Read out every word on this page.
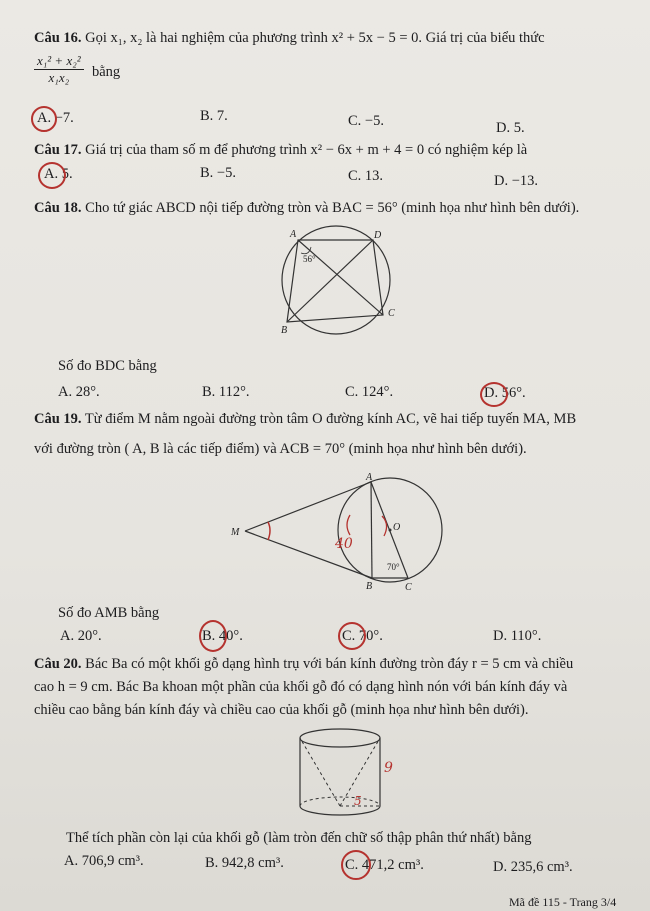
Câu 16. Gọi x₁, x₂ là hai nghiệm của phương trình x² + 5x − 5 = 0. Giá trị của biểu thức
$\frac{\text{x₁² + x₂²}}{\text{x₁x₂}}$ bằng
A. −7.	B. 7.	C. −5.	D. 5.
Câu 17. Giá trị của tham số m để phương trình x² − 6x + m + 4 = 0 có nghiệm kép là
A. 5.	B. −5.	C. 13.	D. −13.
Câu 18. Cho tứ giác ABCD nội tiếp đường tròn và BAC = 56° (minh họa như hình bên dưới).
A	D
C
B
56°
Số đo BDC bằng
A. 28°.	B. 112°.	C. 124°.	D. 56°.
Câu 19. Từ điểm M nằm ngoài đường tròn tâm O đường kính AC, vẽ hai tiếp tuyến MA, MB
với đường tròn ( A, B là các tiếp điểm) và ACB = 70° (minh họa như hình bên dưới).
A
M	O
B	C
70°
40
Số đo AMB bằng
A. 20°.	B. 40°.	C. 70°.	D. 110°.
Câu 20. Bác Ba có một khối gỗ dạng hình trụ với bán kính đường tròn đáy r = 5 cm và chiều
cao h = 9 cm. Bác Ba khoan một phần của khối gỗ đó có dạng hình nón với bán kính đáy và
chiều cao bằng bán kính đáy và chiều cao của khối gỗ (minh họa như hình bên dưới).
9
5
Thể tích phần còn lại của khối gỗ (làm tròn đến chữ số thập phân thứ nhất) bằng
A. 706,9 cm³.	B. 942,8 cm³.	C. 471,2 cm³.	D. 235,6 cm³.
Mã đề 115 - Trang 3/4
